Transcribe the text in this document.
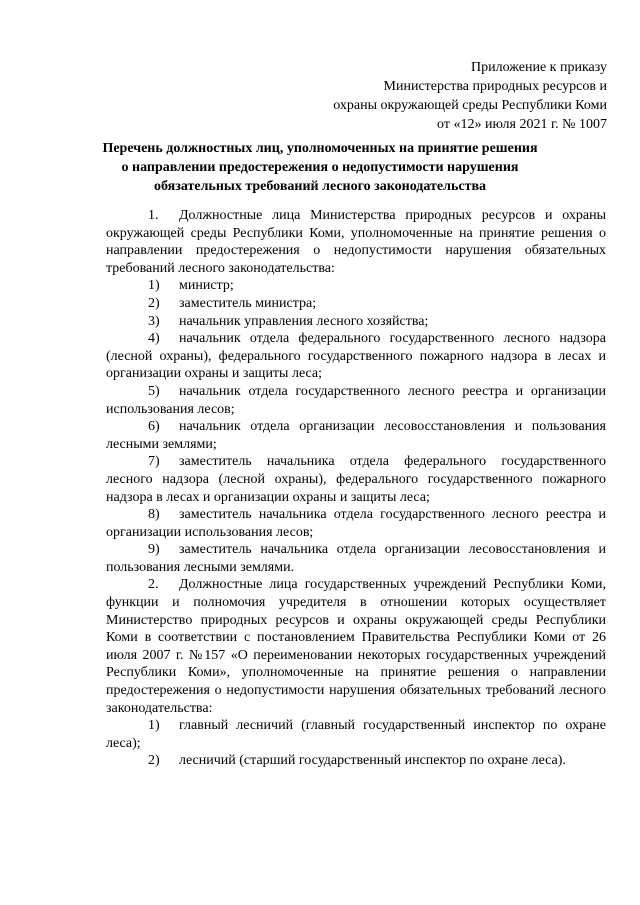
Приложение к приказу
Министерства природных ресурсов и
охраны окружающей среды Республики Коми
от «12» июля 2021 г. № 1007
Перечень должностных лиц, уполномоченных на принятие решения о направлении предостережения о недопустимости нарушения обязательных требований лесного законодательства

1. Должностные лица Министерства природных ресурсов и охраны окружающей среды Республики Коми, уполномоченные на принятие решения о направлении предостережения о недопустимости нарушения обязательных требований лесного законодательства:

1) министр;

2) заместитель министра;

3) начальник управления лесного хозяйства;

4) начальник отдела федерального государственного лесного надзора (лесной охраны), федерального государственного пожарного надзора в лесах и организации охраны и защиты леса;

5) начальник отдела государственного лесного реестра и организации использования лесов;

6) начальник отдела организации лесовосстановления и пользования лесными землями;

7) заместитель начальника отдела федерального государственного лесного надзора (лесной охраны), федерального государственного пожарного надзора в лесах и организации охраны и защиты леса;

8) заместитель начальника отдела государственного лесного реестра и организации использования лесов;

9) заместитель начальника отдела организации лесовосстановления и пользования лесными землями.

2. Должностные лица государственных учреждений Республики Коми, функции и полномочия учредителя в отношении которых осуществляет Министерство природных ресурсов и охраны окружающей среды Республики Коми в соответствии с постановлением Правительства Республики Коми от 26 июля 2007 г. №157 «О переименовании некоторых государственных учреждений Республики Коми», уполномоченные на принятие решения о направлении предостережения о недопустимости нарушения обязательных требований лесного законодательства:

1) главный лесничий (главный государственный инспектор по охране леса);

2) лесничий (старший государственный инспектор по охране леса).
